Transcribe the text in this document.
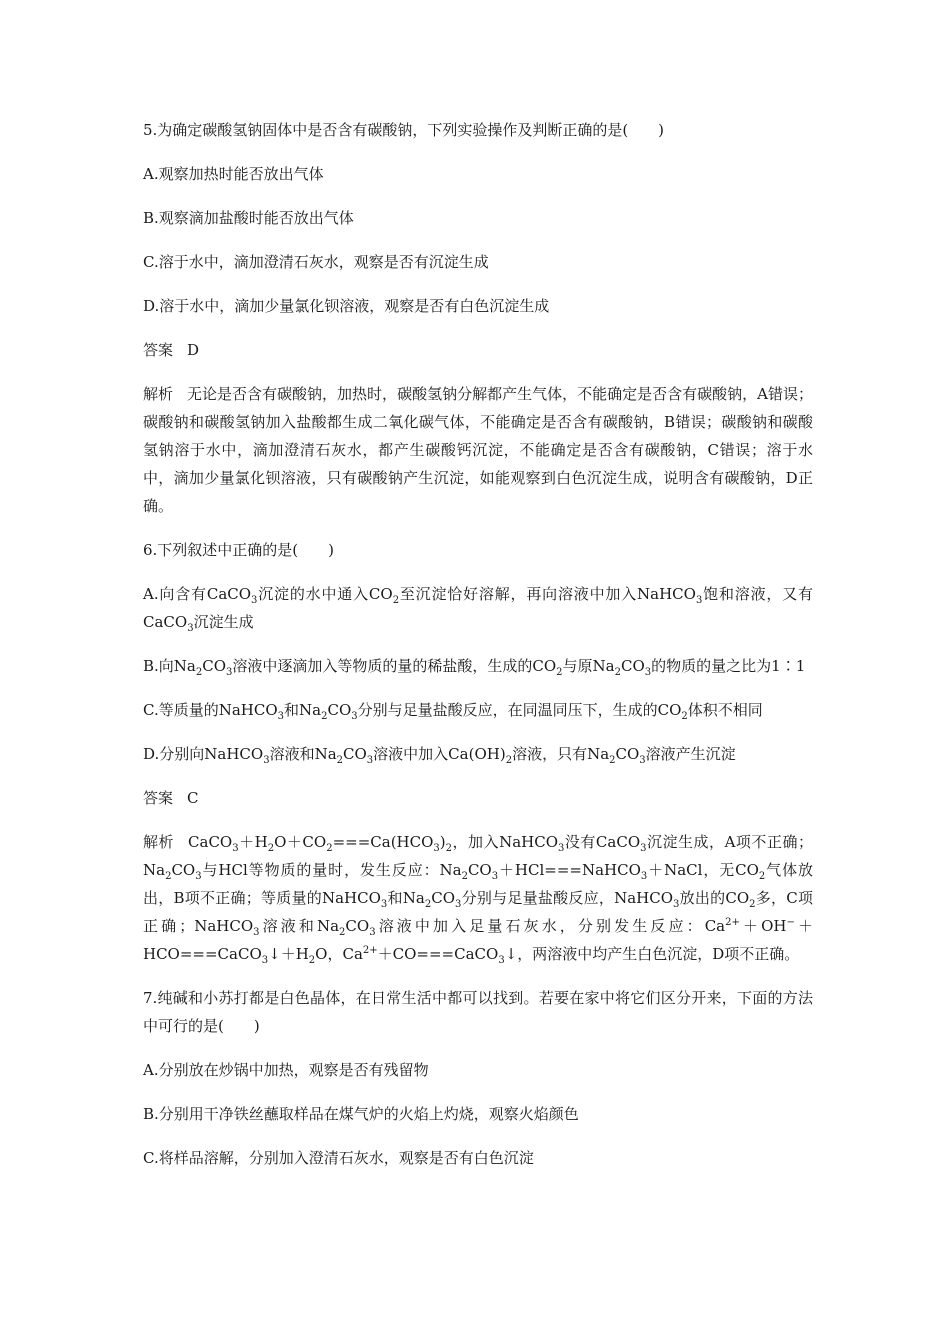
5.为确定碳酸氢钠固体中是否含有碳酸钠，下列实验操作及判断正确的是(　　)

A.观察加热时能否放出气体

B.观察滴加盐酸时能否放出气体

C.溶于水中，滴加澄清石灰水，观察是否有沉淀生成

D.溶于水中，滴加少量氯化钡溶液，观察是否有白色沉淀生成

答案 D

解析 无论是否含有碳酸钠，加热时，碳酸氢钠分解都产生气体，不能确定是否含有碳酸钠，A错误；碳酸钠和碳酸氢钠加入盐酸都生成二氧化碳气体，不能确定是否含有碳酸钠，B错误；碳酸钠和碳酸氢钠溶于水中，滴加澄清石灰水，都产生碳酸钙沉淀，不能确定是否含有碳酸钠，C错误；溶于水中，滴加少量氯化钡溶液，只有碳酸钠产生沉淀，如能观察到白色沉淀生成，说明含有碳酸钠，D正确。

6.下列叙述中正确的是(　　)

A.向含有CaCO$_3$沉淀的水中通入$CO_2$至沉淀恰好溶解，再向溶液中加入NaHCO$_3$饱和溶液，又有CaCO$_3$沉淀生成

B.向$Na_2CO_3$溶液中逐滴加入等物质的量的稀盐酸，生成的$CO_2$与原$Na_2CO_3$的物质的量之比为1∶1

C.等质量的NaHCO$_3$和$Na_2CO_3$分别与足量盐酸反应，在同温同压下，生成的$CO_2$体积不相同

D.分别向NaHCO$_3$溶液和$Na_2CO_3$溶液中加入$Ca(OH)_2$溶液，只有$Na_2CO_3$溶液产生沉淀

答案 C

解析 $CaCO_3+H_2O+CO_2===Ca(HCO_3)_2$，加入NaHCO$_3$没有CaCO$_3$沉淀生成，A项不正确；$Na_2CO_3$与HCl等物质的量时，发生反应：$Na_2CO_3+HCl===NaHCO_3+NaCl$，无$CO_2$气体放出，B项不正确；等质量的NaHCO$_3$和$Na_2CO_3$分别与足量盐酸反应，NaHCO$_3$放出的$CO_2$多，C项正确；NaHCO$_3$溶液和$Na_2CO_3$溶液中加入足量石灰水，分别发生反应：$Ca^{2+}+OH^-+HCO===CaCO_3↓+H_2O$，$Ca^{2+}+CO===CaCO_3↓$，两溶液中均产生白色沉淀，D项不正确。

7.纯碱和小苏打都是白色晶体，在日常生活中都可以找到。若要在家中将它们区分开来，下面的方法中可行的是(　　)

A.分别放在炒锅中加热，观察是否有残留物

B.分别用干净铁丝蘸取样品在煤气炉的火焰上灼烧，观察火焰颜色

C.将样品溶解，分别加入澄清石灰水，观察是否有白色沉淀
